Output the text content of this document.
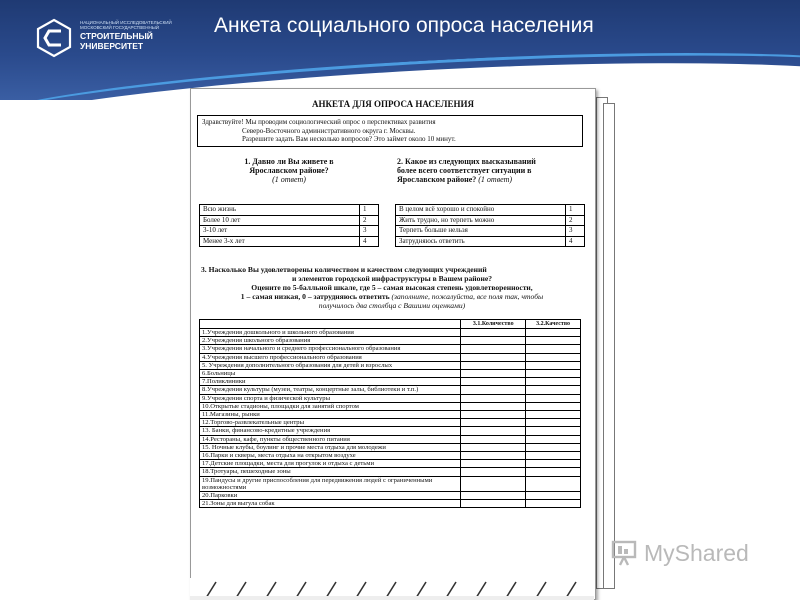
НАЦИОНАЛЬНЫЙ ИССЛЕДОВАТЕЛЬСКИЙ МОСКОВСКИЙ ГОСУДАРСТВЕННЫЙ
СТРОИТЕЛЬНЫЙ
УНИВЕРСИТЕТ
Анкета социального опроса населения
АНКЕТА ДЛЯ ОПРОСА НАСЕЛЕНИЯ
Здравствуйте! Мы проводим социологический опрос о перспективах развития
Северо-Восточного административного округа г. Москвы.
Разрешите задать Вам несколько вопросов? Это займет около 10 минут.
1. Давно ли Вы живете в
Ярославском районе?
(1 ответ)
2. Какое из следующих высказываний
более всего соответствует ситуации в
Ярославском районе? (1 ответ)
Всю жизнь	1
Более 10 лет	2
3-10 лет	3
Менее 3-х лет	4
В целом всё хорошо и спокойно	1
Жить трудно, но терпеть можно	2
Терпеть больше нельзя	3
Затрудняюсь ответить	4
3. Насколько Вы удовлетворены количеством и качеством следующих учреждений
и элементов городской инфраструктуры в Вашем районе?
Оцените по 5-балльной шкале, где 5 – самая высокая степень удовлетворенности,
1 – самая низкая, 0 – затрудняюсь ответить (заполните, пожалуйста, все поля так, чтобы
получилось два столбца с Вашими оценками)
	3.1.Количество	3.2.Качество
1.Учреждения дошкольного и школьного образования		
2.Учреждения школьного образования		
3.Учреждения начального и среднего профессионального образования		
4.Учреждения высшего профессионального образования		
5. Учреждения дополнительного образования для детей и взрослых		
6.Больницы		
7.Поликлиники		
8.Учреждения культуры (музеи, театры, концертные залы, библиотеки и т.п.)		
9.Учреждения спорта и физической культуры		
10.Открытые стадионы, площадки для занятий спортом		
11.Магазины, рынки		
12.Торгово-развлекательные центры		
13. Банки, финансово-кредитные учреждения		
14.Рестораны, кафе, пункты общественного питания		
15. Ночные клубы, боулинг и прочие места отдыха для молодежи		
16.Парки и скверы, места отдыха на открытом воздухе		
17.Детские площадки, места для прогулок и отдыха с детьми		
18.Тротуары, пешеходные зоны		
19.Пандусы и другие приспособления для передвижения людей с ограниченными возможностями		
20.Парковки		
21.Зоны для выгула собак		
MyShared
